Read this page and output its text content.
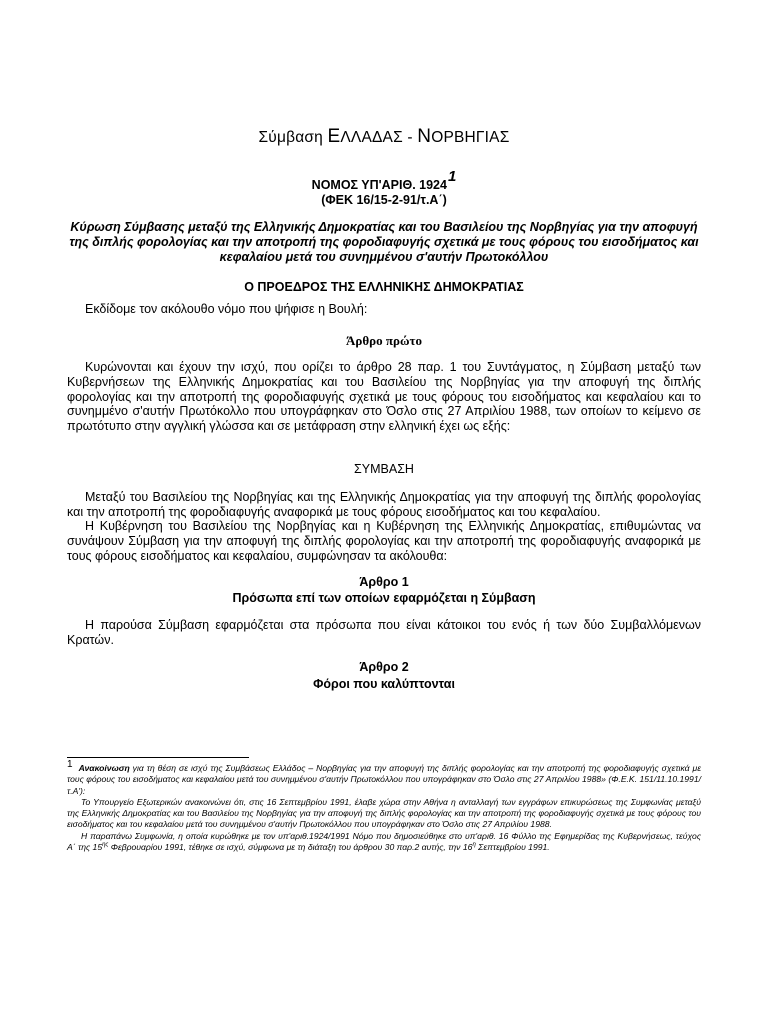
Σύμβαση ΕΛΛΑΔΑΣ - ΝΟΡΒΗΓΙΑΣ
ΝΟΜΟΣ ΥΠ'ΑΡΙΘ. 1924$^1$
(ΦΕΚ 16/15-2-91/τ.Α΄)
Κύρωση Σύμβασης μεταξύ της Ελληνικής Δημοκρατίας και του Βασιλείου της Νορβηγίας για την αποφυγή της διπλής φορολογίας και την αποτροπή της φοροδιαφυγής σχετικά με τους φόρους του εισοδήματος και κεφαλαίου μετά του συνημμένου σ'αυτήν Πρωτοκόλλου
Ο ΠΡΟΕΔΡΟΣ ΤΗΣ ΕΛΛΗΝΙΚΗΣ ΔΗΜΟΚΡΑΤΙΑΣ
Εκδίδομε τον ακόλουθο νόμο που ψήφισε η Βουλή:
Άρθρο πρώτο
Κυρώνονται και έχουν την ισχύ, που ορίζει το άρθρο 28 παρ. 1 του Συντάγματος, η Σύμβαση μεταξύ των Κυβερνήσεων της Ελληνικής Δημοκρατίας και του Βασιλείου της Νορβηγίας για την αποφυγή της διπλής φορολογίας και την αποτροπή της φοροδιαφυγής σχετικά με τους φόρους του εισοδήματος και κεφαλαίου και το συνημμένο σ'αυτήν Πρωτόκολλο που υπογράφηκαν στο Όσλο στις 27 Απριλίου 1988, των οποίων το κείμενο σε πρωτότυπο στην αγγλική γλώσσα και σε μετάφραση στην ελληνική έχει ως εξής:
ΣΥΜΒΑΣΗ
Μεταξύ του Βασιλείου της Νορβηγίας και της Ελληνικής Δημοκρατίας για την αποφυγή της διπλής φορολογίας και την αποτροπή της φοροδιαφυγής αναφορικά με τους φόρους εισοδήματος και του κεφαλαίου.
Η Κυβέρνηση του Βασιλείου της Νορβηγίας και η Κυβέρνηση της Ελληνικής Δημοκρατίας, επιθυμώντας να συνάψουν Σύμβαση για την αποφυγή της διπλής φορολογίας και την αποτροπή της φοροδιαφυγής αναφορικά με τους φόρους εισοδήματος και κεφαλαίου, συμφώνησαν τα ακόλουθα:
Άρθρο 1
Πρόσωπα επί των οποίων εφαρμόζεται η Σύμβαση
Η παρούσα Σύμβαση εφαρμόζεται στα πρόσωπα που είναι κάτοικοι του ενός ή των δύο Συμβαλλόμενων Κρατών.
Άρθρο 2
Φόροι που καλύπτονται

1 Ανακοίνωση για τη θέση σε ισχύ της Συμβάσεως Ελλάδος – Νορβηγίας για την αποφυγή της διπλής φορολογίας και την αποτροπή της φοροδιαφυγής σχετικά με τους φόρους του εισοδήματος και κεφαλαίου μετά του συνημμένου σ'αυτήν Πρωτοκόλλου που υπογράφηκαν στο Όσλο στις 27 Απριλίου 1988» (Φ.Ε.Κ. 151/11.10.1991/ τ.Α'):

Το Υπουργείο Εξωτερικών ανακοινώνει ότι, στις 16 Σεπτεμβρίου 1991, έλαβε χώρα στην Αθήνα η ανταλλαγή των εγγράφων επικυρώσεως της Συμφωνίας μεταξύ της Ελληνικής Δημοκρατίας και του Βασιλείου της Νορβηγίας για την αποφυγή της διπλής φορολογίας και την αποτροπή της φοροδιαφυγής σχετικά με τους φόρους του εισοδήματος και του κεφαλαίου μετά του συνημμένου σ'αυτήν Πρωτοκόλλου που υπογράφηκαν στο Όσλο στις 27 Απριλίου 1988.

Η παραπάνω Συμφωνία, η οποία κυρώθηκε με τον υπ'αριθ.1924/1991 Νόμο που δημοσιεύθηκε στο υπ'αριθ. 16 Φύλλο της Εφημερίδας της Κυβερνήσεως, τεύχος Α΄ της $15^{\eta\varsigma}$ Φεβρουαρίου 1991, τέθηκε σε ισχύ, σύμφωνα με τη διάταξη του άρθρου 30 παρ.2 αυτής, την $16^\eta$ Σεπτεμβρίου 1991.
